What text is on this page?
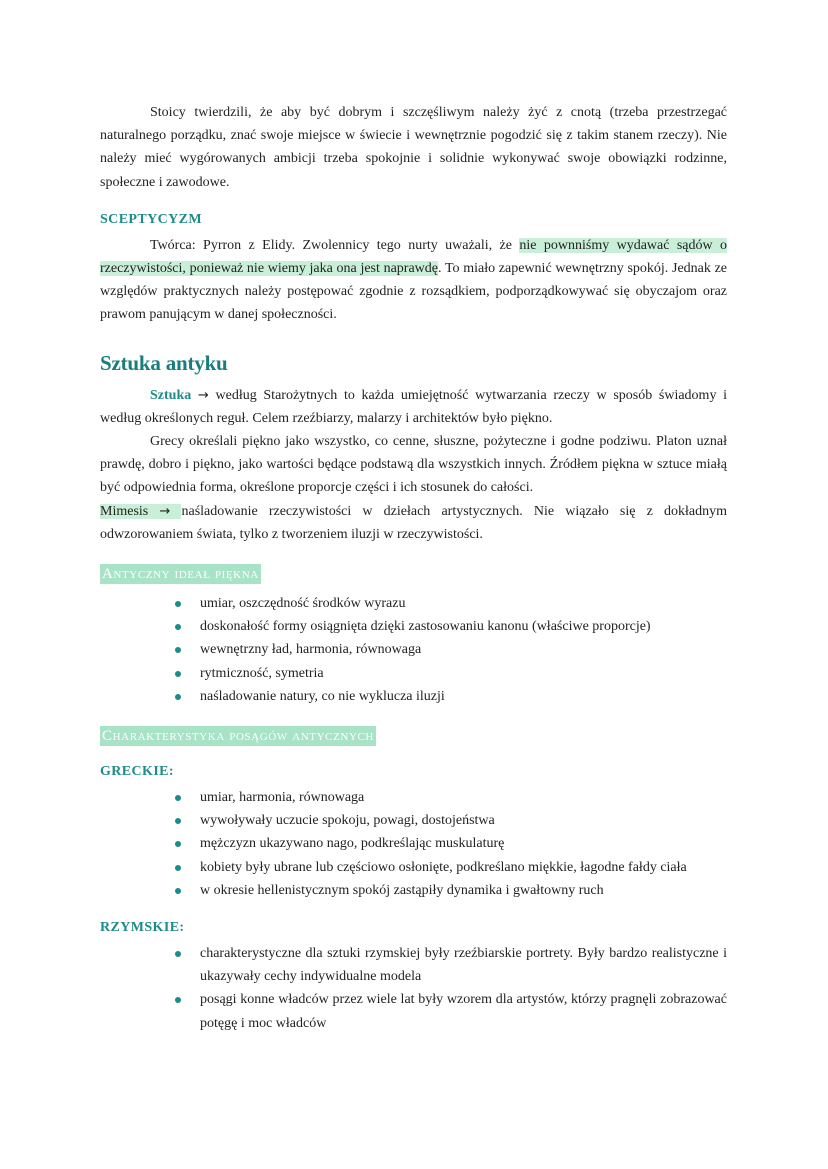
Stoicy twierdzili, że aby być dobrym i szczęśliwym należy żyć z cnotą (trzeba przestrzegać naturalnego porządku, znać swoje miejsce w świecie i wewnętrznie pogodzić się z takim stanem rzeczy). Nie należy mieć wygórowanych ambicji trzeba spokojnie i solidnie wykonywać swoje obowiązki rodzinne, społeczne i zawodowe.

SCEPTYCYZM

Twórca: Pyrron z Elidy. Zwolennicy tego nurty uważali, że nie pownniśmy wydawać sądów o rzeczywistości, ponieważ nie wiemy jaka ona jest naprawdę. To miało zapewnić wewnętrzny spokój. Jednak ze względów praktycznych należy postępować zgodnie z rozsądkiem, podporządkowywać się obyczajom oraz prawom panującym w danej społeczności.

Sztuka antyku

Sztuka → według Starożytnych to każda umiejętność wytwarzania rzeczy w sposób świadomy i według określonych reguł. Celem rzeźbiarzy, malarzy i architektów było piękno.

Grecy określali piękno jako wszystko, co cenne, słuszne, pożyteczne i godne podziwu. Platon uznał prawdę, dobro i piękno, jako wartości będące podstawą dla wszystkich innych. Źródłem piękna w sztuce miałą być odpowiednia forma, określone proporcje części i ich stosunek do całości.

Mimesis → naśladowanie rzeczywistości w dziełach artystycznych. Nie wiązało się z dokładnym odwzorowaniem świata, tylko z tworzeniem iluzji w rzeczywistości.

Antyczny ideał piękna
umiar, oszczędność środków wyrazu
doskonałość formy osiągnięta dzięki zastosowaniu kanonu (właściwe proporcje)
wewnętrzny ład, harmonia, równowaga
rytmiczność, symetria
naśladowanie natury, co nie wyklucza iluzji
Charakterystyka posągów antycznych
GRECKIE:
umiar, harmonia, równowaga
wywoływały uczucie spokoju, powagi, dostojeństwa
mężczyzn ukazywano nago, podkreślając muskulaturę
kobiety były ubrane lub częściowo osłonięte, podkreślano miękkie, łagodne fałdy ciała
w okresie hellenistycznym spokój zastąpiły dynamika i gwałtowny ruch
RZYMSKIE:
charakterystyczne dla sztuki rzymskiej były rzeźbiarskie portrety. Były bardzo realistyczne i ukazywały cechy indywidualne modela
posągi konne władców przez wiele lat były wzorem dla artystów, którzy pragnęli zobrazować potęgę i moc władców
